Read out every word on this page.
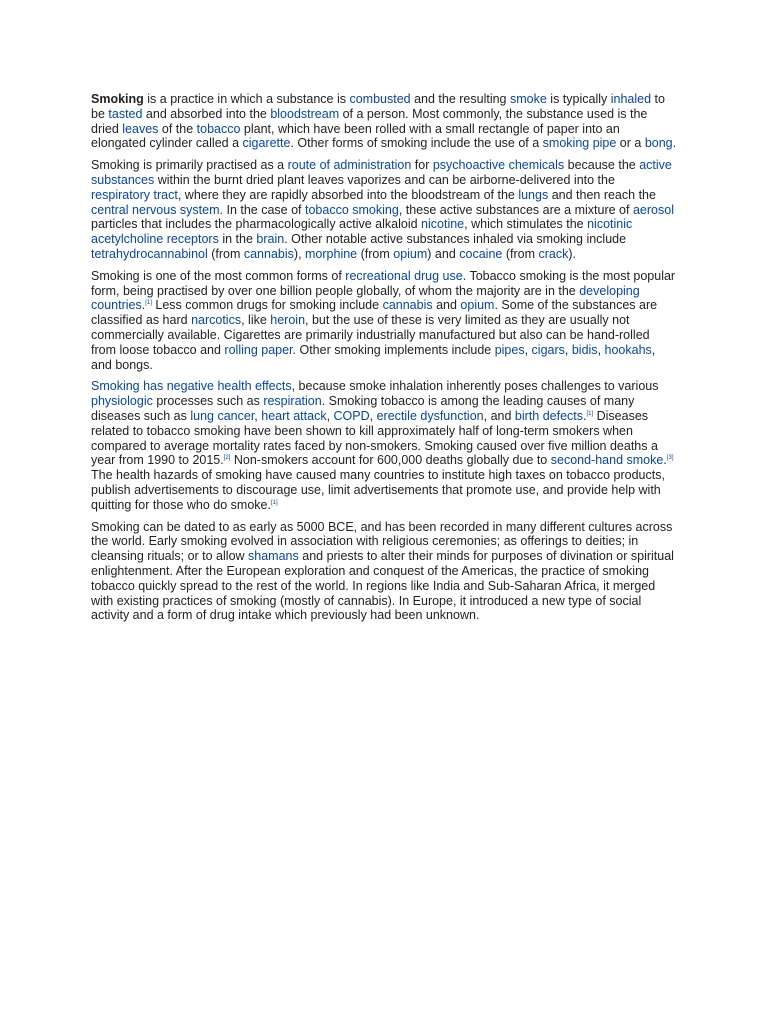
Smoking is a practice in which a substance is combusted and the resulting smoke is typically inhaled to be tasted and absorbed into the bloodstream of a person. Most commonly, the substance used is the dried leaves of the tobacco plant, which have been rolled with a small rectangle of paper into an elongated cylinder called a cigarette. Other forms of smoking include the use of a smoking pipe or a bong.

Smoking is primarily practised as a route of administration for psychoactive chemicals because the active substances within the burnt dried plant leaves vaporizes and can be airborne-delivered into the respiratory tract, where they are rapidly absorbed into the bloodstream of the lungs and then reach the central nervous system. In the case of tobacco smoking, these active substances are a mixture of aerosol particles that includes the pharmacologically active alkaloid nicotine, which stimulates the nicotinic acetylcholine receptors in the brain. Other notable active substances inhaled via smoking include tetrahydrocannabinol (from cannabis), morphine (from opium) and cocaine (from crack).

Smoking is one of the most common forms of recreational drug use. Tobacco smoking is the most popular form, being practised by over one billion people globally, of whom the majority are in the developing countries.[1] Less common drugs for smoking include cannabis and opium. Some of the substances are classified as hard narcotics, like heroin, but the use of these is very limited as they are usually not commercially available. Cigarettes are primarily industrially manufactured but also can be hand-rolled from loose tobacco and rolling paper. Other smoking implements include pipes, cigars, bidis, hookahs, and bongs.

Smoking has negative health effects, because smoke inhalation inherently poses challenges to various physiologic processes such as respiration. Smoking tobacco is among the leading causes of many diseases such as lung cancer, heart attack, COPD, erectile dysfunction, and birth defects.[1] Diseases related to tobacco smoking have been shown to kill approximately half of long-term smokers when compared to average mortality rates faced by non-smokers. Smoking caused over five million deaths a year from 1990 to 2015.[2] Non-smokers account for 600,000 deaths globally due to second-hand smoke.[3] The health hazards of smoking have caused many countries to institute high taxes on tobacco products, publish advertisements to discourage use, limit advertisements that promote use, and provide help with quitting for those who do smoke.[1]

Smoking can be dated to as early as 5000 BCE, and has been recorded in many different cultures across the world. Early smoking evolved in association with religious ceremonies; as offerings to deities; in cleansing rituals; or to allow shamans and priests to alter their minds for purposes of divination or spiritual enlightenment. After the European exploration and conquest of the Americas, the practice of smoking tobacco quickly spread to the rest of the world. In regions like India and Sub-Saharan Africa, it merged with existing practices of smoking (mostly of cannabis). In Europe, it introduced a new type of social activity and a form of drug intake which previously had been unknown.
